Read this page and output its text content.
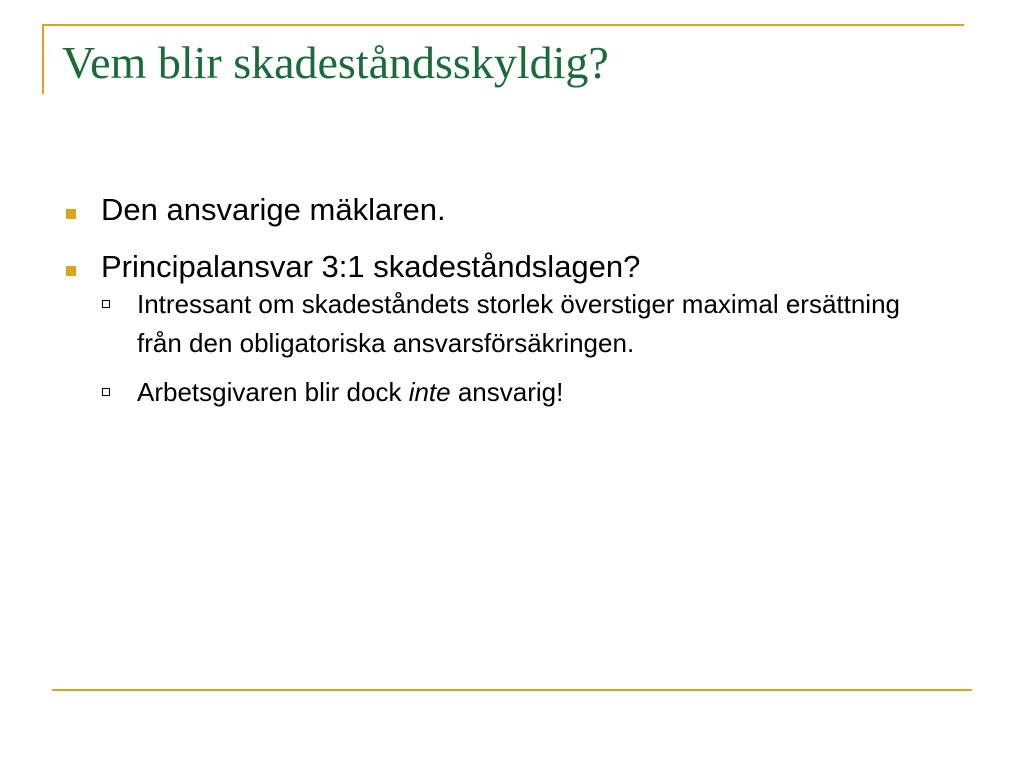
Vem blir skadeståndsskyldig?
Den ansvarige mäklaren.
Principalansvar 3:1 skadeståndslagen?
Intressant om skadeståndets storlek överstiger maximal ersättning från den obligatoriska ansvarsförsäkringen.
Arbetsgivaren blir dock inte ansvarig!
